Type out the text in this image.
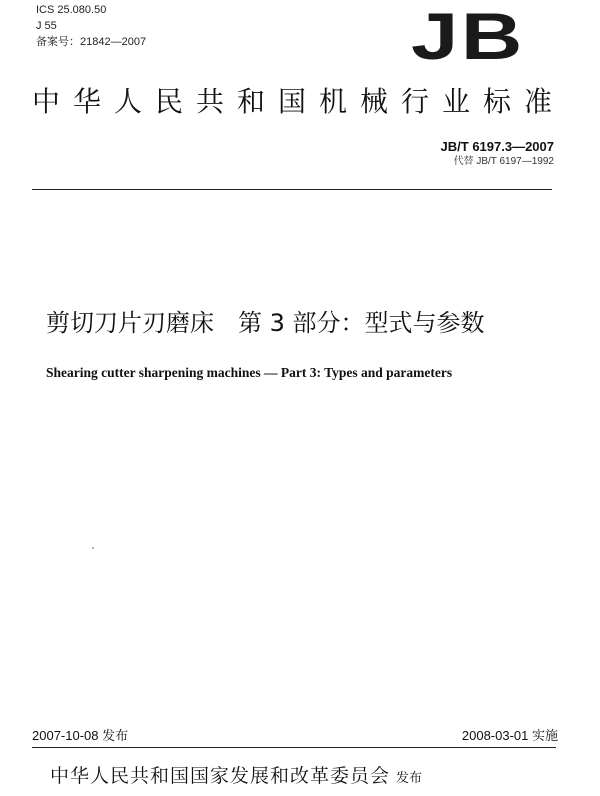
ICS 25.080.50
J 55
备案号：21842—2007	JB
中华人民共和国机械行业标准
JB/T 6197.3—2007
代替 JB/T 6197—1992
剪切刀片刃磨床　第 3 部分：型式与参数
Shearing cutter sharpening machines — Part 3: Types and parameters
2007-10-08 发布	2008-03-01 实施
中华人民共和国国家发展和改革委员会 发布
